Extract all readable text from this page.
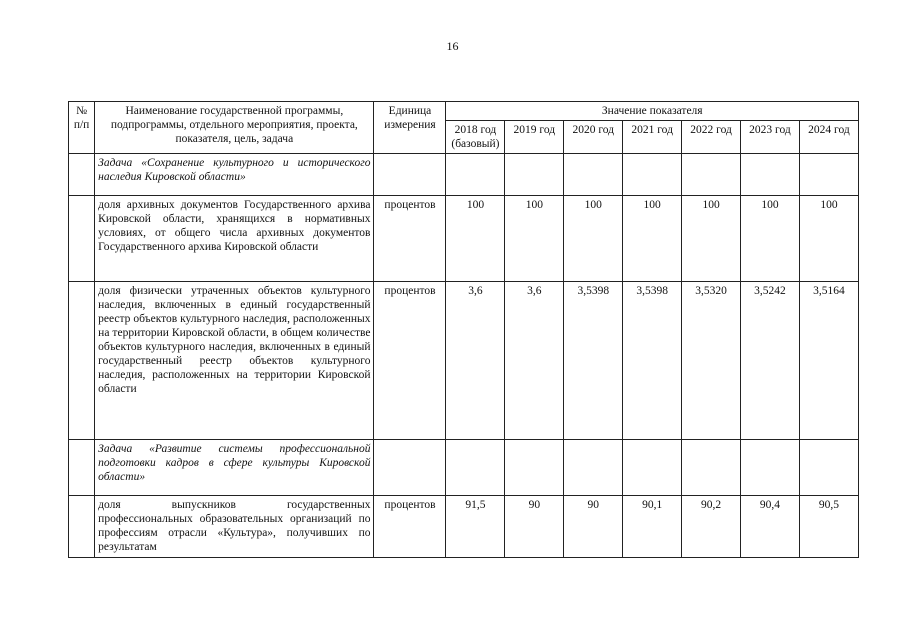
16
№ п/п	Наименование государственной программы, подпрограммы, отдельного мероприятия, проекта, показателя, цель, задача	Единица измерения	Значение показателя						
			2018 год (базовый)	2019 год	2020 год	2021 год	2022 год	2023 год	2024 год
	Задача «Сохранение культурного и исторического наследия Кировской области»								
	доля архивных документов Государственного архива Кировской области, хранящихся в нормативных условиях, от общего числа архивных документов Государственного архива Кировской области	процентов	100	100	100	100	100	100	100
	доля физически утраченных объектов культурного наследия, включенных в единый государственный реестр объектов культурного наследия, расположенных на территории Кировской области, в общем количестве объектов культурного наследия, включенных в единый государственный реестр объектов культурного наследия, расположенных на территории Кировской области	процентов	3,6	3,6	3,5398	3,5398	3,5320	3,5242	3,5164
	Задача «Развитие системы профессиональной подготовки кадров в сфере культуры Кировской области»								
	доля выпускников государственных профессиональных образовательных организаций по профессиям отрасли «Культура», получивших по результатам	процентов	91,5	90	90	90,1	90,2	90,4	90,5
